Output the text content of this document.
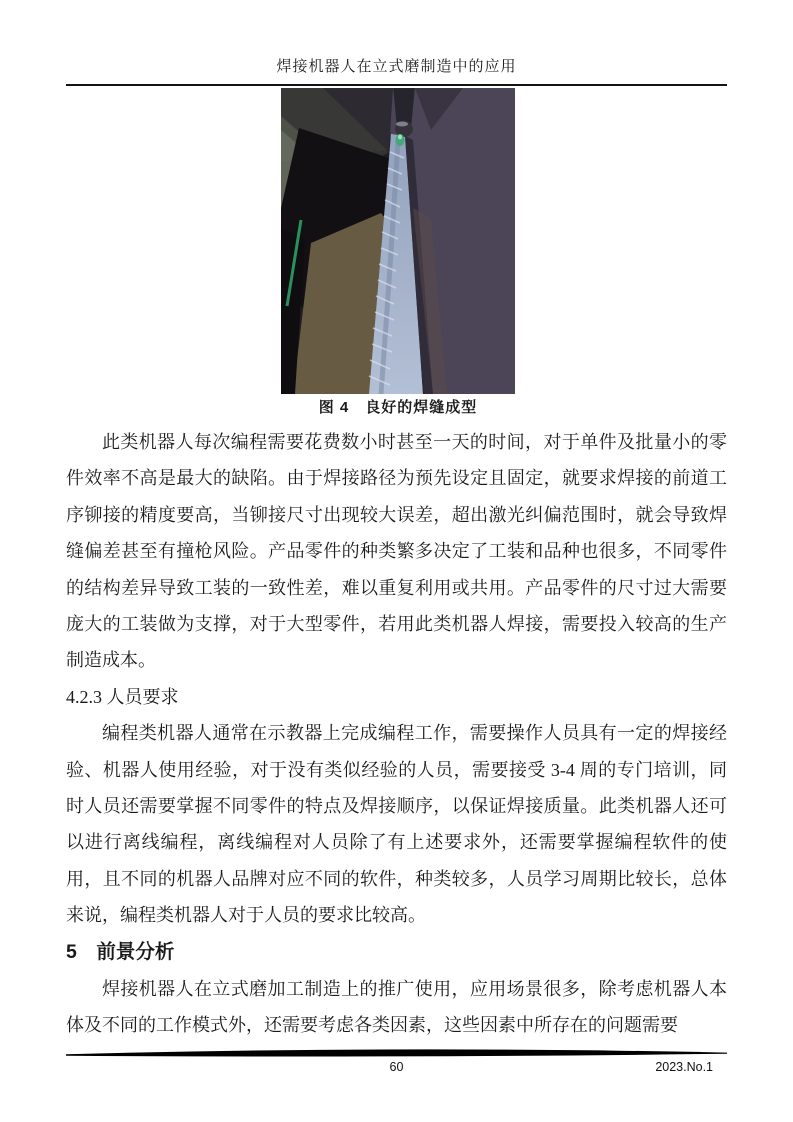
焊接机器人在立式磨制造中的应用
图 4　良好的焊缝成型

此类机器人每次编程需要花费数小时甚至一天的时间，对于单件及批量小的零件效率不高是最大的缺陷。由于焊接路径为预先设定且固定，就要求焊接的前道工序铆接的精度要高，当铆接尺寸出现较大误差，超出激光纠偏范围时，就会导致焊缝偏差甚至有撞枪风险。产品零件的种类繁多决定了工装和品种也很多，不同零件的结构差异导致工装的一致性差，难以重复利用或共用。产品零件的尺寸过大需要庞大的工装做为支撑，对于大型零件，若用此类机器人焊接，需要投入较高的生产制造成本。

4.2.3 人员要求

编程类机器人通常在示教器上完成编程工作，需要操作人员具有一定的焊接经验、机器人使用经验，对于没有类似经验的人员，需要接受 3-4 周的专门培训，同时人员还需要掌握不同零件的特点及焊接顺序，以保证焊接质量。此类机器人还可以进行离线编程，离线编程对人员除了有上述要求外，还需要掌握编程软件的使用，且不同的机器人品牌对应不同的软件，种类较多，人员学习周期比较长，总体来说，编程类机器人对于人员的要求比较高。

5　前景分析

焊接机器人在立式磨加工制造上的推广使用，应用场景很多，除考虑机器人本体及不同的工作模式外，还需要考虑各类因素，这些因素中所存在的问题需要

60	2023.No.1
